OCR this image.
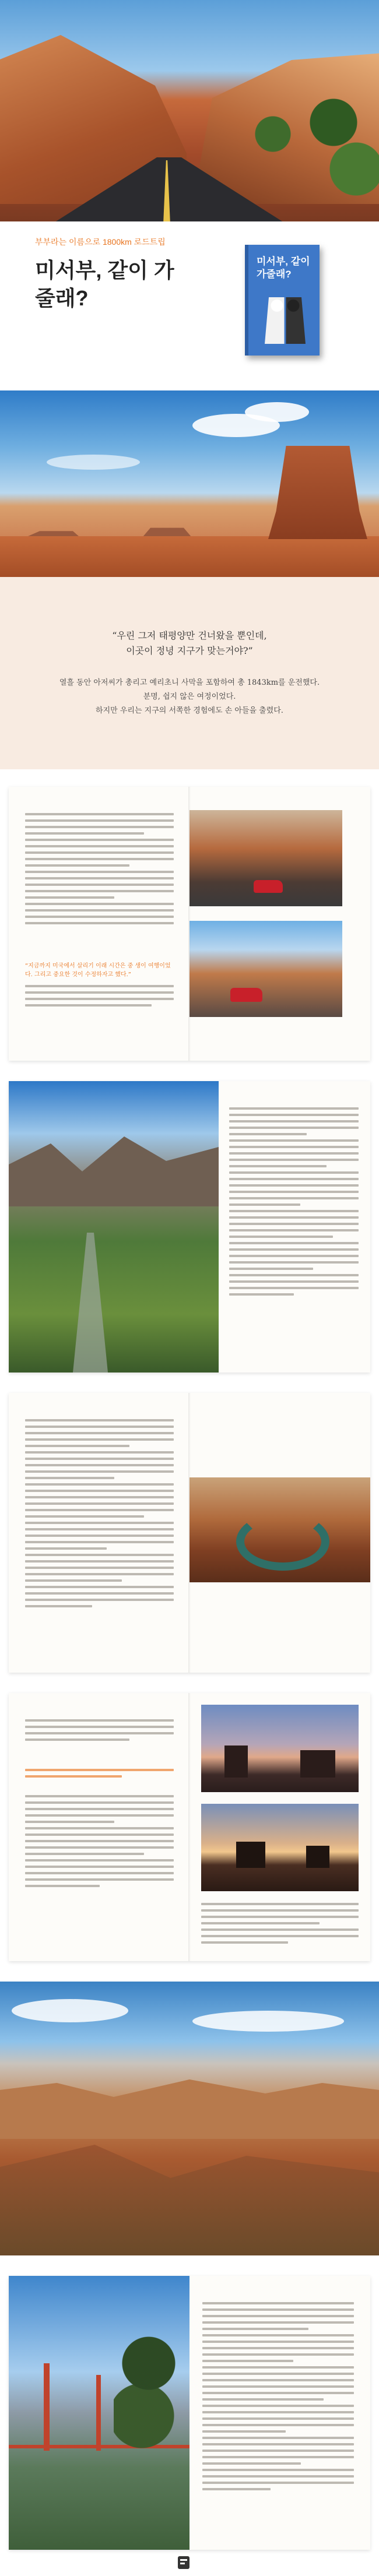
부부라는 이름으로 1800km 로드트립
미서부, 같이 가줄래?
미서부, 같이 가줄래?
“우린 그저 태평양만 건너왔을 뿐인데,
이곳이 정녕 지구가 맞는거야?”
열흘 동안 아저씨가 총리고 예리초니 사막을 포함하여 총 1843km를 운전했다.
분명, 쉽지 않은 여정이었다.
하지만 우리는 지구의 서쪽한 경험에도 손 아들을 출렸다.
“지금까지 미국에서 살리기 이래 시간은 중 생이 여행이었다. 그리고 중요한 것이 수정하자고 했다.”
